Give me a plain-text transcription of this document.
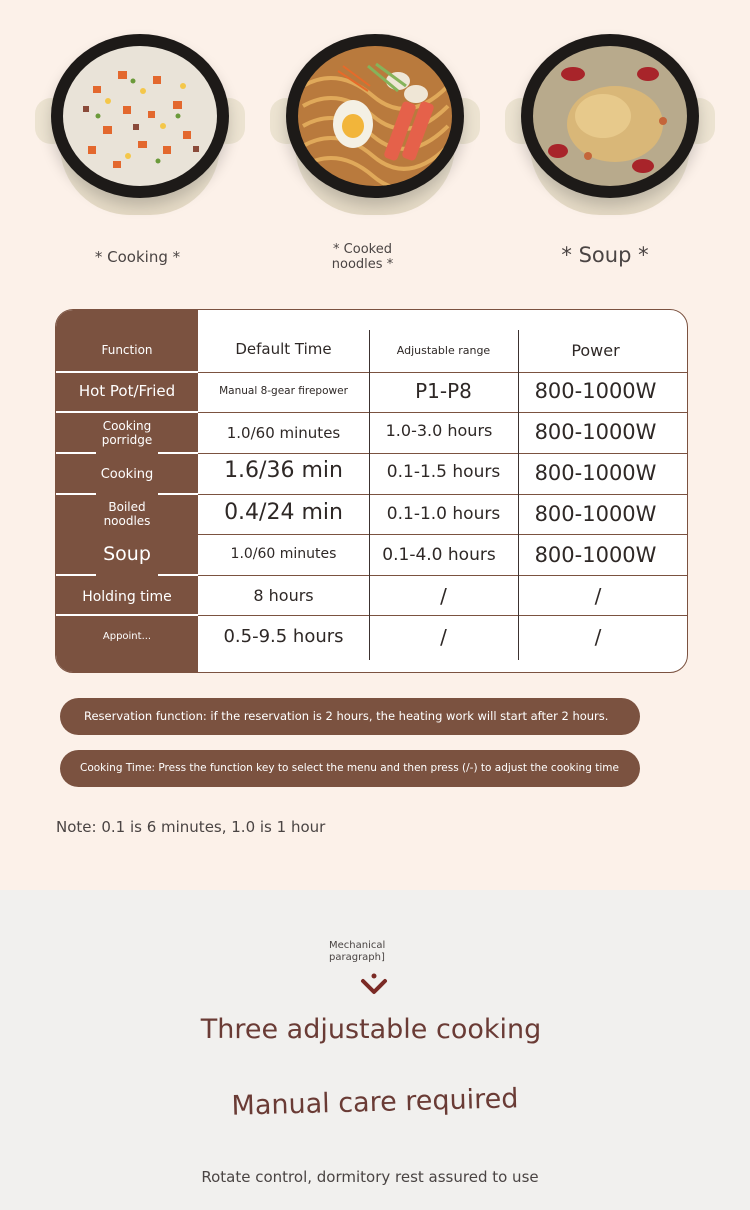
* Cooking *	* Cooked noodles *	* Soup *
Function	Default Time	Adjustable range	Power
Hot Pot/Fried	Manual 8-gear firepower	P1-P8	800-1000W
Cooking porridge	1.0/60 minutes	1.0-3.0 hours	800-1000W
Cooking	1.6/36 min	0.1-1.5 hours	800-1000W
Boiled noodles	0.4/24 min	0.1-1.0 hours	800-1000W
Soup	1.0/60 minutes	0.1-4.0 hours	800-1000W
Holding time	8 hours	/	/
Appoint...	0.5-9.5 hours	/	/
Reservation function: if the reservation is 2 hours, the heating work will start after 2 hours.
Cooking Time: Press the function key to select the menu and then press (/-) to adjust the cooking time
Note: 0.1 is 6 minutes, 1.0 is 1 hour
Mechanical paragraph]
Three adjustable cooking
Manual care required
Rotate control, dormitory rest assured to use
